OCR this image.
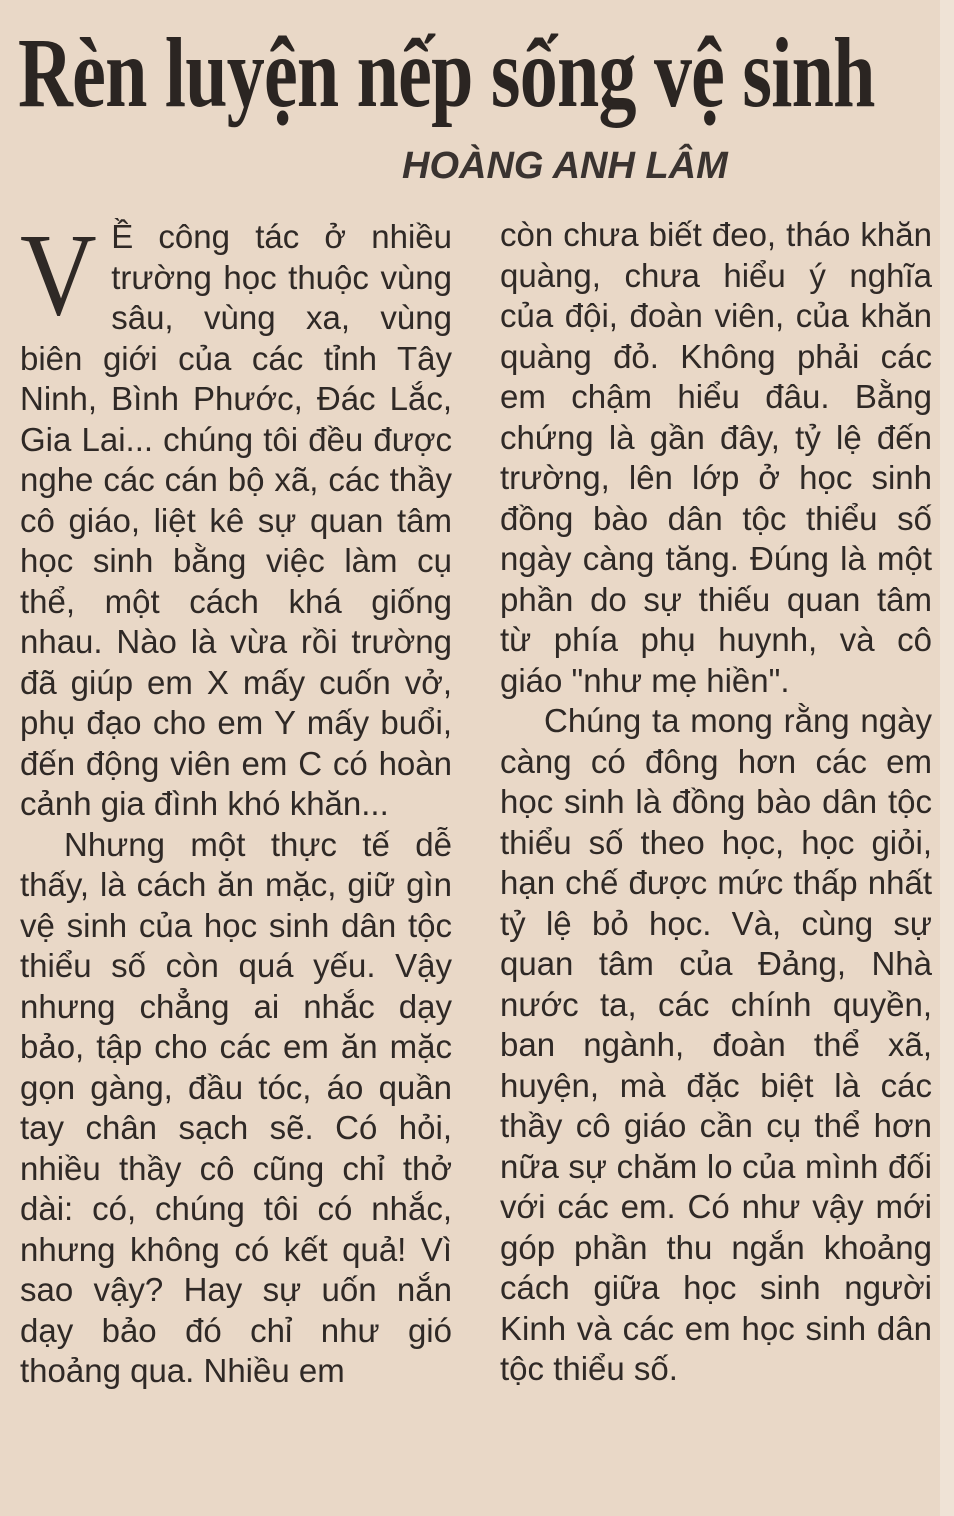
Rèn luyện nếp sống vệ sinh
HOÀNG ANH LÂM

V Ề công tác ở nhiều trường học thuộc vùng sâu, vùng xa, vùng biên giới của các tỉnh Tây Ninh, Bình Phước, Đác Lắc, Gia Lai... chúng tôi đều được nghe các cán bộ xã, các thầy cô giáo, liệt kê sự quan tâm học sinh bằng việc làm cụ thể, một cách khá giống nhau. Nào là vừa rồi trường đã giúp em X mấy cuốn vở, phụ đạo cho em Y mấy buổi, đến động viên em C có hoàn cảnh gia đình khó khăn...

Nhưng một thực tế dễ thấy, là cách ăn mặc, giữ gìn vệ sinh của học sinh dân tộc thiểu số còn quá yếu. Vậy nhưng chẳng ai nhắc dạy bảo, tập cho các em ăn mặc gọn gàng, đầu tóc, áo quần tay chân sạch sẽ. Có hỏi, nhiều thầy cô cũng chỉ thở dài: có, chúng tôi có nhắc, nhưng không có kết quả! Vì sao vậy? Hay sự uốn nắn dạy bảo đó chỉ như gió thoảng qua. Nhiều em

còn chưa biết đeo, tháo khăn quàng, chưa hiểu ý nghĩa của đội, đoàn viên, của khăn quàng đỏ. Không phải các em chậm hiểu đâu. Bằng chứng là gần đây, tỷ lệ đến trường, lên lớp ở học sinh đồng bào dân tộc thiểu số ngày càng tăng. Đúng là một phần do sự thiếu quan tâm từ phía phụ huynh, và cô giáo "như mẹ hiền".

Chúng ta mong rằng ngày càng có đông hơn các em học sinh là đồng bào dân tộc thiểu số theo học, học giỏi, hạn chế được mức thấp nhất tỷ lệ bỏ học. Và, cùng sự quan tâm của Đảng, Nhà nước ta, các chính quyền, ban ngành, đoàn thể xã, huyện, mà đặc biệt là các thầy cô giáo cần cụ thể hơn nữa sự chăm lo của mình đối với các em. Có như vậy mới góp phần thu ngắn khoảng cách giữa học sinh người Kinh và các em học sinh dân tộc thiểu số.
